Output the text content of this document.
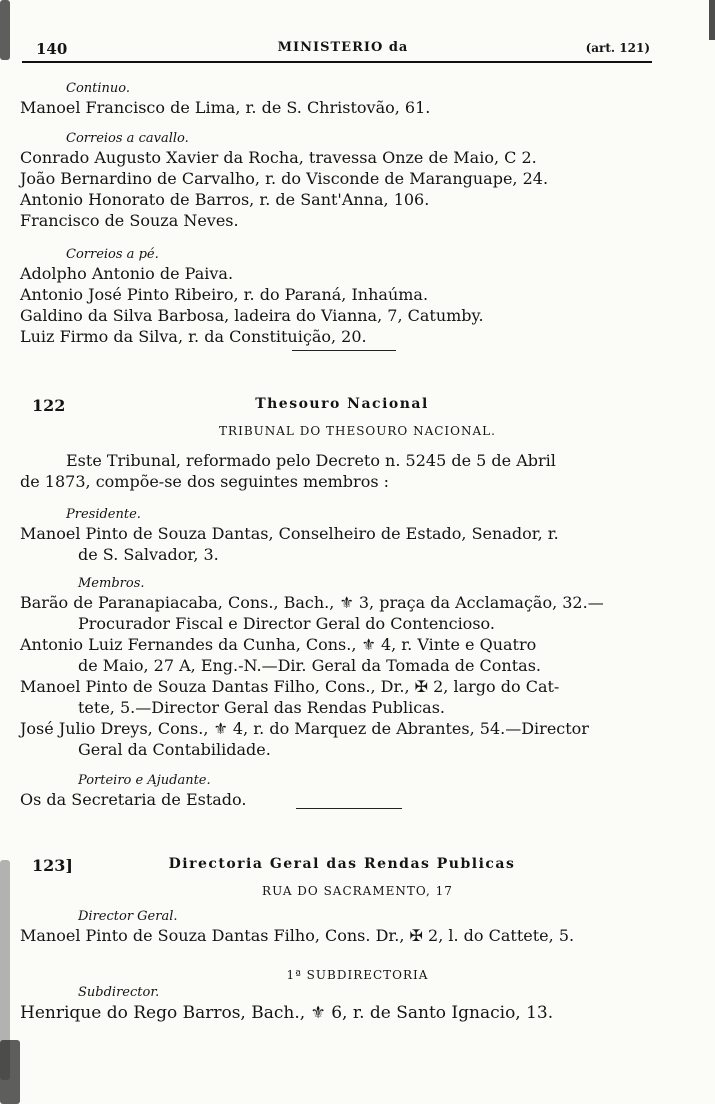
140	MINISTERIO da	(art. 121)
Continuo.
Manoel Francisco de Lima, r. de S. Christovão, 61.
Correios a cavallo.
Conrado Augusto Xavier da Rocha, travessa Onze de Maio, C 2.
João Bernardino de Carvalho, r. do Visconde de Maranguape, 24.
Antonio Honorato de Barros, r. de Sant'Anna, 106.
Francisco de Souza Neves.
Correios a pé.
Adolpho Antonio de Paiva.
Antonio José Pinto Ribeiro, r. do Paraná, Inhaúma.
Galdino da Silva Barbosa, ladeira do Vianna, 7, Catumby.
Luiz Firmo da Silva, r. da Constituição, 20.
122	Thesouro Nacional
TRIBUNAL DO THESOURO NACIONAL.
Este Tribunal, reformado pelo Decreto n. 5245 de 5 de Abril
de 1873, compõe-se dos seguintes membros :
Presidente.
Manoel Pinto de Souza Dantas, Conselheiro de Estado, Senador, r.
de S. Salvador, 3.
Membros.
Barão de Paranapiacaba, Cons., Bach., ⚜ 3, praça da Acclamação, 32.—
Procurador Fiscal e Director Geral do Contencioso.
Antonio Luiz Fernandes da Cunha, Cons., ⚜ 4, r. Vinte e Quatro
de Maio, 27 A, Eng.-N.—Dir. Geral da Tomada de Contas.
Manoel Pinto de Souza Dantas Filho, Cons., Dr., ✠ 2, largo do Cat-
tete, 5.—Director Geral das Rendas Publicas.
José Julio Dreys, Cons., ⚜ 4, r. do Marquez de Abrantes, 54.—Director
Geral da Contabilidade.
Porteiro e Ajudante.
Os da Secretaria de Estado.
123]	Directoria Geral das Rendas Publicas
RUA DO SACRAMENTO, 17
Director Geral.
Manoel Pinto de Souza Dantas Filho, Cons. Dr., ✠ 2, l. do Cattete, 5.
1ª SUBDIRECTORIA
Subdirector.
Henrique do Rego Barros, Bach., ⚜ 6, r. de Santo Ignacio, 13.
